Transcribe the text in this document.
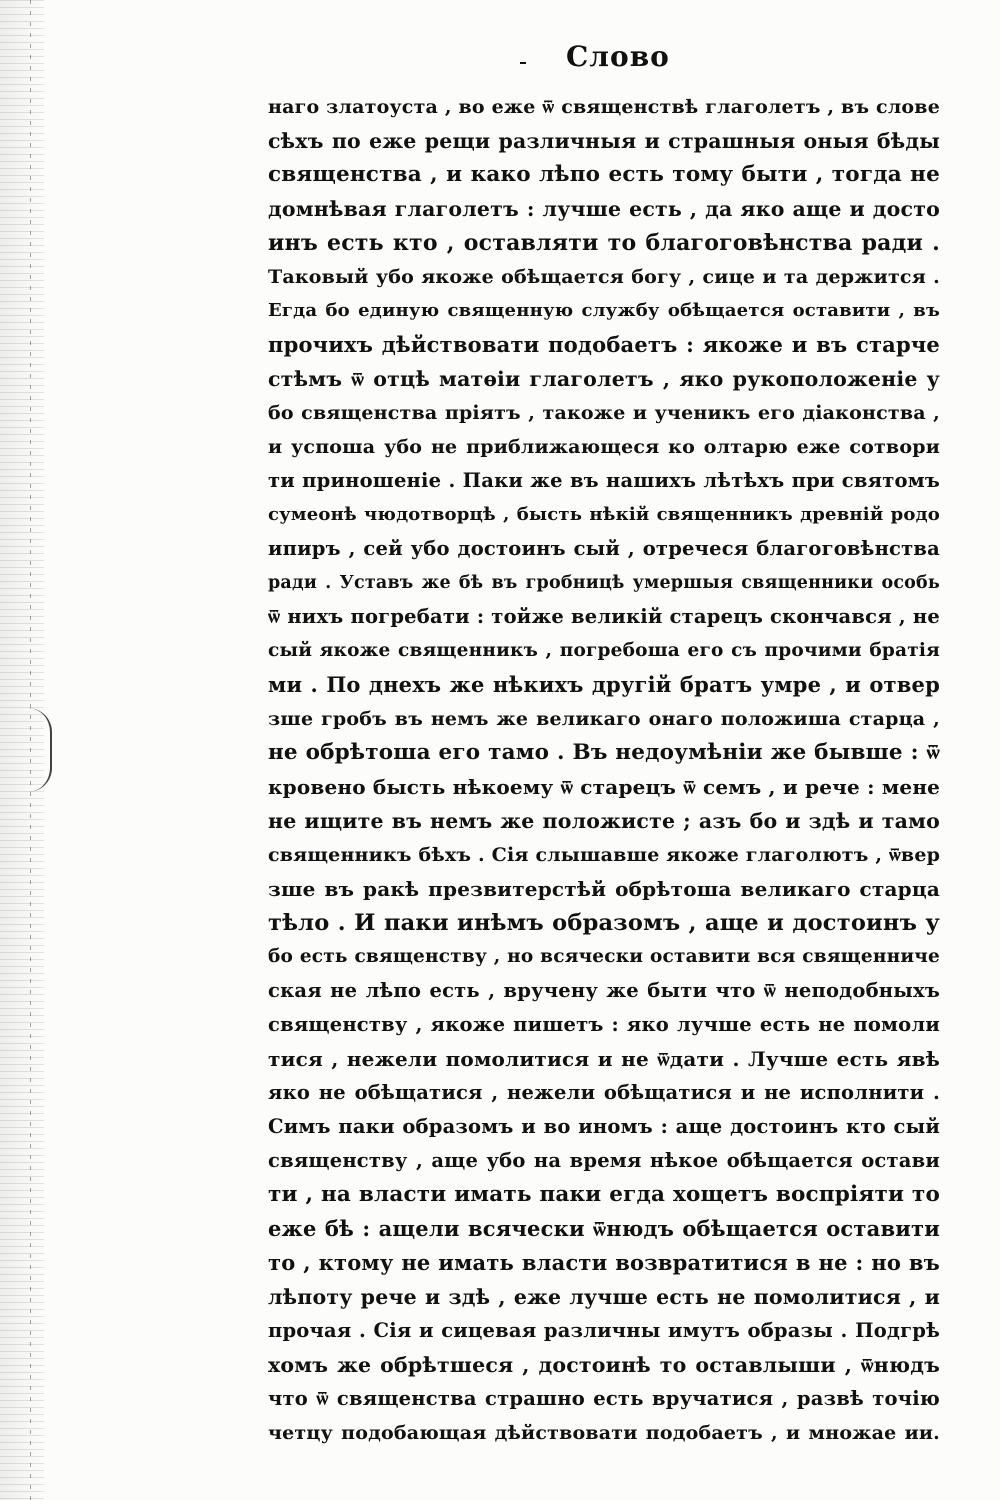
Слово
наго златоуста , во еже ѿ священствѣ глаголетъ , въ слове
сѣхъ по еже рещи различныя и страшныя оныя бѣды
священства , и како лѣпо есть тому быти , тогда не
домнѣвая глаголетъ : лучше есть , да яко аще и досто
инъ есть кто , оставляти то благоговѣнства ради .
Таковый убо якоже обѣщается богу , сице и та держится .
Егда бо единую священную службу обѣщается оставити , въ
прочихъ дѣйствовати подобаетъ : якоже и въ старче
стѣмъ ѿ отцѣ матѳіи глаголетъ , яко рукоположеніе у
бо священства пріятъ , такоже и ученикъ его діаконства ,
и успоша убо не приближающеся ко олтарю еже сотвори
ти приношеніе . Паки же въ нашихъ лѣтѣхъ при святомъ
сумеонѣ чюдотворцѣ , бысть нѣкій священникъ древній родо
ипиръ , сей убо достоинъ сый , отречеся благоговѣнства
ради . Уставъ же бѣ въ гробницѣ умершыя священники особь
ѿ нихъ погребати : тойже великій старецъ скончався , не
сый якоже священникъ , погребоша его съ прочими братія
ми . По днехъ же нѣкихъ другій братъ умре , и отвер
зше гробъ въ немъ же великаго онаго положиша старца ,
не обрѣтоша его тамо . Въ недоумѣніи же бывше : ѿ
кровено бысть нѣкоему ѿ старецъ ѿ семъ , и рече : мене
не ищите въ немъ же положисте ; азъ бо и здѣ и тамо
священникъ бѣхъ . Сія слышавше якоже глаголютъ , ѿвер
зше въ ракѣ презвитерстѣй обрѣтоша великаго старца
тѣло . И паки инѣмъ образомъ , аще и достоинъ у
бо есть священству , но всячески оставити вся священниче
ская не лѣпо есть , вручену же быти что ѿ неподобныхъ
священству , якоже пишетъ : яко лучше есть не помоли
тися , нежели помолитися и не ѿдати . Лучше есть явѣ
яко не обѣщатися , нежели обѣщатися и не исполнити .
Симъ паки образомъ и во иномъ : аще достоинъ кто сый
священству , аще убо на время нѣкое обѣщается остави
ти , на власти имать паки егда хощетъ воспріяти то
еже бѣ : ащели всячески ѿнюдъ обѣщается оставити
то , ктому не имать власти возвратитися в не : но въ
лѣпоту рече и здѣ , еже лучше есть не помолитися , и
прочая . Сія и сицевая различны имутъ образы . Подгрѣ
хомъ же обрѣтшеся , достоинѣ то оставлыши , ѿнюдъ
что ѿ священства страшно есть вручатися , развѣ точію
четцу подобающая дѣйствовати подобаетъ , и множае ии.
